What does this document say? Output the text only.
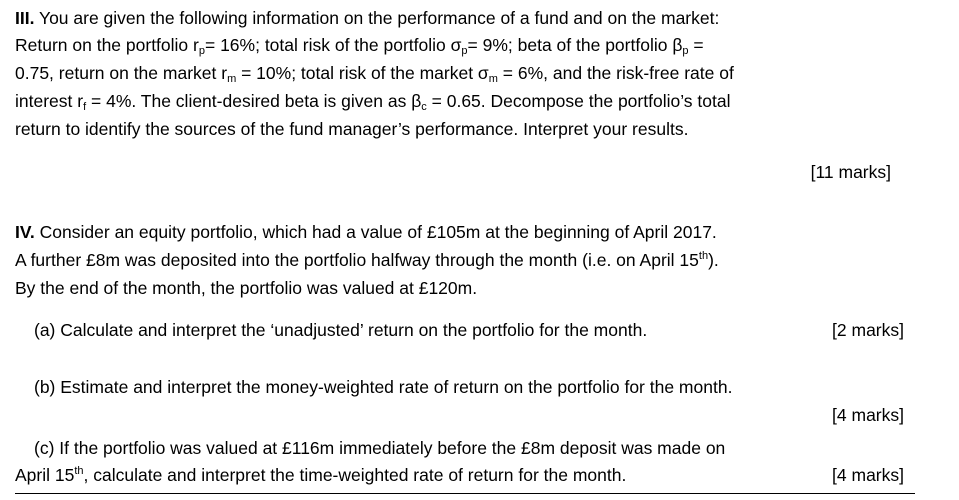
III. You are given the following information on the performance of a fund and on the market:
Return on the portfolio $r_p= 16\%$; total risk of the portfolio $\sigma_p= 9\%$; beta of the portfolio $\beta_p$ =
0.75, return on the market $r_m = 10\%$; total risk of the market $\sigma_m = 6\%$, and the risk-free rate of
interest $r_f = 4\%$. The client-desired beta is given as $\beta_c = 0.65$. Decompose the portfolio’s total
return to identify the sources of the fund manager’s performance. Interpret your results.
[11 marks]
IV. Consider an equity portfolio, which had a value of £105m at the beginning of April 2017.
A further £8m was deposited into the portfolio halfway through the month (i.e. on April 15th).
By the end of the month, the portfolio was valued at £120m.
(a) Calculate and interpret the ‘unadjusted’ return on the portfolio for the month.	[2 marks]
(b) Estimate and interpret the money-weighted rate of return on the portfolio for the month.
[4 marks]
(c) If the portfolio was valued at £116m immediately before the £8m deposit was made on
April 15th, calculate and interpret the time-weighted rate of return for the month.	[4 marks]
